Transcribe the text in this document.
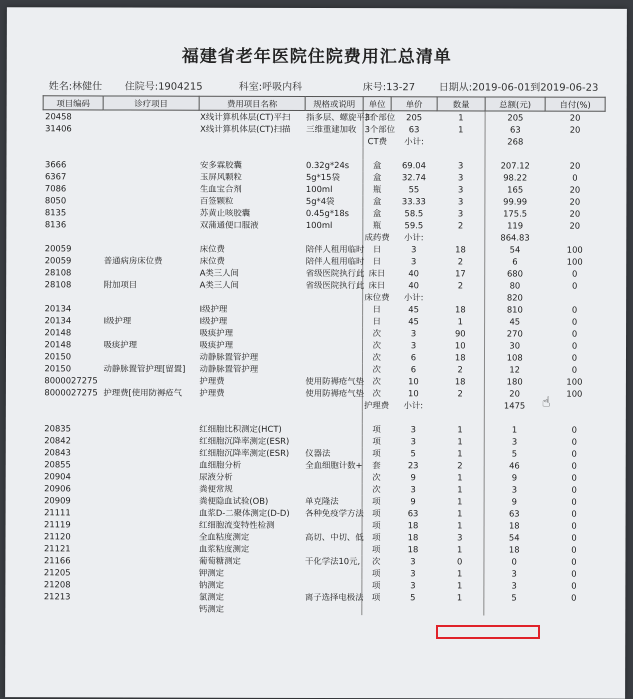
福建省老年医院住院费用汇总清单
姓名:林健仕 住院号:1904215	科室:呼吸内科	床号:13-27 日期从:2019-06-01到2019-06-23
项目编码	诊疗项目	费用项目名称	规格或说明	单位	单价	数量	总额(元)	自付(%)
20458		X线计算机体层(CT)平扫	指多层、螺旋平扫	3个部位	205	1	205	20
31406		X线计算机体层(CT)扫描	三维重建加收	3个部位	63	1	63	20
				CT费	小计:		268	

3666		安多霖胶囊	0.32g*24s	盒	69.04	3	207.12	20
6367		玉屏风颗粒	5g*15袋	盒	32.74	3	98.22	0
7086		生血宝合剂	100ml	瓶	55	3	165	20
8050		百签颗粒	5g*4袋	盒	33.33	3	99.99	20
8135		苏黄止咳胶囊	0.45g*18s	盒	58.5	3	175.5	20
8136		双蒲通便口服液	100ml	瓶	59.5	2	119	20
				成药费	小计:		864.83	
20059		床位费	陪伴人租用临时	日	3	18	54	100
20059	普通病房床位费	床位费	陪伴人租用临时	日	3	2	6	100
28108		A类三人间	省级医院执行此	床日	40	17	680	0
28108	附加项目	A类三人间	省级医院执行此	床日	40	2	80	0
				床位费	小计:		820	
20134		I级护理		日	45	18	810	0
20134	I级护理	I级护理		日	45	1	45	0
20148		吸痰护理		次	3	90	270	0
20148	吸痰护理	吸痰护理		次	3	10	30	0
20150		动静脉置管护理		次	6	18	108	0
20150	动静脉置管护理[留置]	动静脉置管护理		次	6	2	12	0
8000027275		护理费	使用防褥疮气垫	次	10	18	180	100
8000027275	护理费[使用防褥疮气	护理费	使用防褥疮气垫	次	10	2	20	100
				护理费	小计:		1475	

20835		红细胞比积测定(HCT)		项	3	1	1	0
20842		红细胞沉降率测定(ESR)		项	3	1	3	0
20843		红细胞沉降率测定(ESR)	仪器法	项	5	1	5	0
20855		血细胞分析	全血细胞计数+	套	23	2	46	0
20904		尿液分析		次	9	1	9	0
20906		粪便常规		次	3	1	3	0
20909		粪便隐血试验(OB)	单克隆法	项	9	1	9	0
21111		血浆D-二聚体测定(D-D)	各种免疫学方法	项	63	1	63	0
21119		红细胞流变特性检测		项	18	1	18	0
21120		全血粘度测定	高切、中切、低	项	18	3	54	0
21121		血浆粘度测定		项	18	1	18	0
21166		葡萄糖测定	干化学法10元,	次	3	0	0	0
21205		钾测定		项	3	1	3	0
21208		钠测定		项	3	1	3	0
21213		氯测定	离子选择电极法	项	5	1	5	0
		钙测定						
☝
